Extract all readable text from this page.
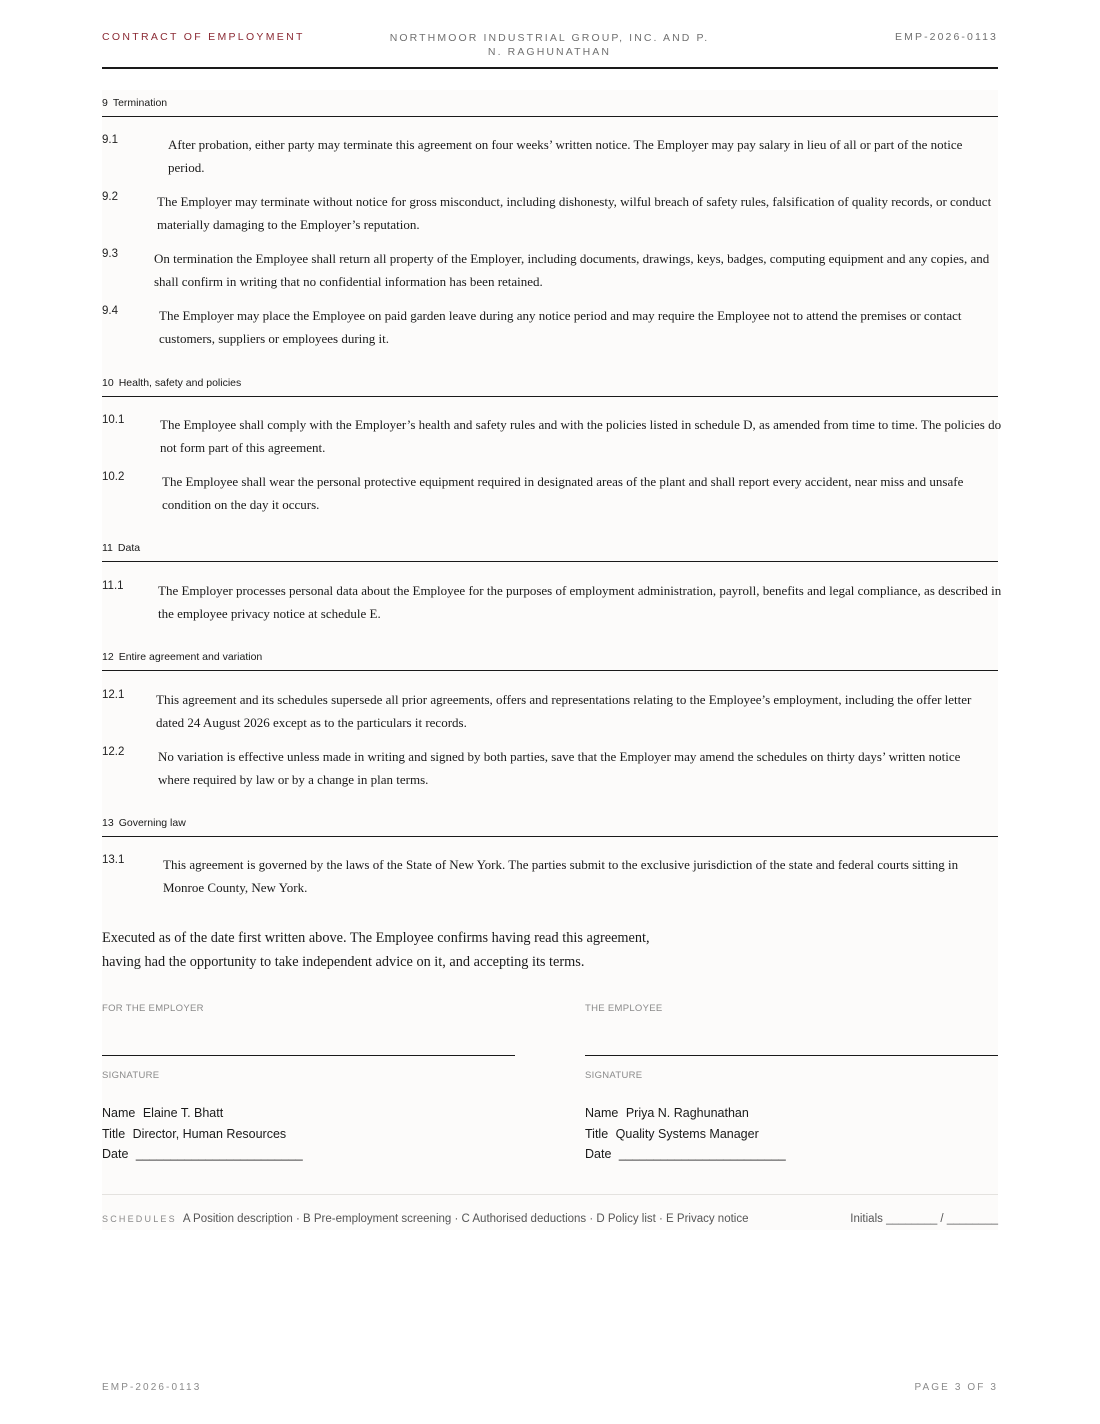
CONTRACT OF EMPLOYMENT	NORTHMOOR INDUSTRIAL GROUP, INC. AND P. N. RAGHUNATHAN
EMP-2026-0113
9 Termination
9.1	After probation, either party may terminate this agreement on four weeks’ written notice. The Employer may pay salary in lieu of all or part of the notice period.
9.2	The Employer may terminate without notice for gross misconduct, including dishonesty, wilful breach of safety rules, falsification of quality records, or conduct materially damaging to the Employer’s reputation.
9.3	On termination the Employee shall return all property of the Employer, including documents, drawings, keys, badges, computing equipment and any copies, and shall confirm in writing that no confidential information has been retained.
9.4	The Employer may place the Employee on paid garden leave during any notice period and may require the Employee not to attend the premises or contact customers, suppliers or employees during it.
10 Health, safety and policies
10.1	The Employee shall comply with the Employer’s health and safety rules and with the policies listed in schedule D, as amended from time to time. The policies do not form part of this agreement.
10.2	The Employee shall wear the personal protective equipment required in designated areas of the plant and shall report every accident, near miss and unsafe condition on the day it occurs.
11 Data
11.1	The Employer processes personal data about the Employee for the purposes of employment administration, payroll, benefits and legal compliance, as described in the employee privacy notice at schedule E.
12 Entire agreement and variation
12.1 This agreement and its schedules supersede all prior agreements, offers and representations relating to the Employee’s employment, including the offer letter dated 24 August 2026 except as to the particulars it records.
12.2	No variation is effective unless made in writing and signed by both parties, save that the Employer may amend the schedules on thirty days’ written notice where required by law or by a change in plan terms.
13 Governing law
13.1	This agreement is governed by the laws of the State of New York. The parties submit to the exclusive jurisdiction of the state and federal courts sitting in Monroe County, New York.
Executed as of the date first written above. The Employee confirms having read this agreement, having had the opportunity to take independent advice on it, and accepting its terms.
FOR THE EMPLOYER
SIGNATURE
Name Elaine T. Bhatt
Title Director, Human Resources
Date ________________________
THE EMPLOYEE
SIGNATURE
Name Priya N. Raghunathan
Title Quality Systems Manager
Date ________________________
SCHEDULES A Position description · B Pre-employment screening · C Authorised deductions · D Policy list · E Privacy notice	Initials ________ / ________
EMP-2026-0113	PAGE 3 OF 3
